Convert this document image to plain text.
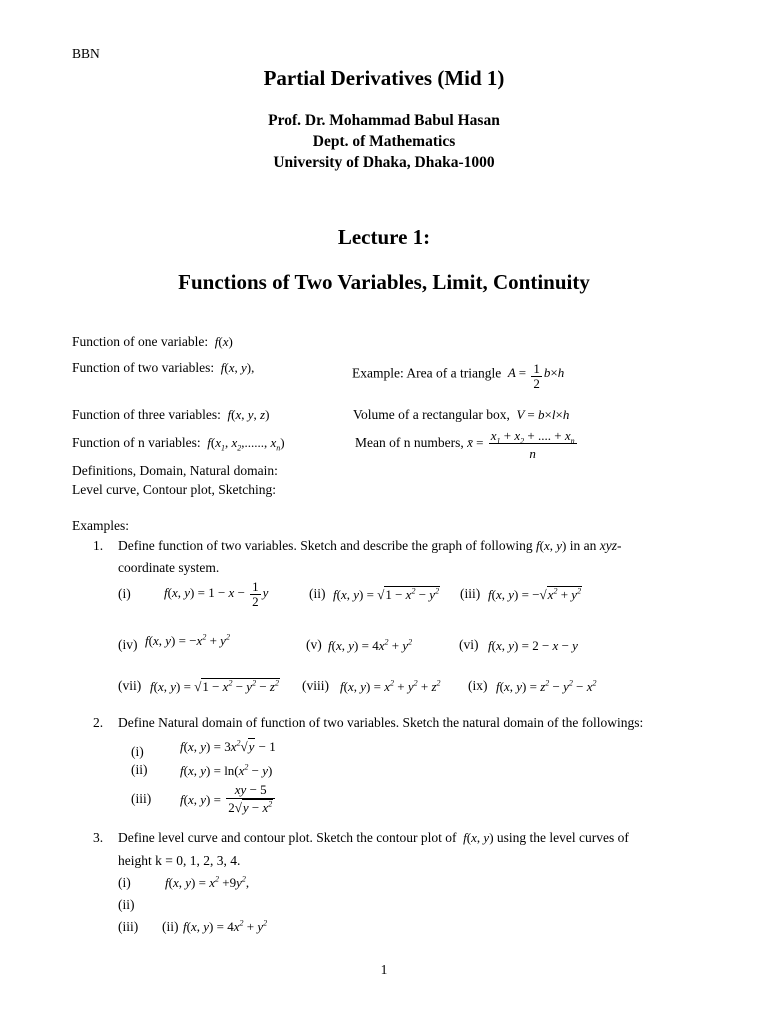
BBN
Partial Derivatives (Mid 1)
Prof. Dr. Mohammad Babul Hasan
Dept. of Mathematics
University of Dhaka, Dhaka-1000
Lecture 1:
Functions of Two Variables, Limit, Continuity
Function of one variable:  f(x)
Function of two variables:  f(x, y),	Example: Area of a triangle  $A = \frac{1}{2} b\times h$
Function of three variables:  f(x, y, z)	Volume of a rectangular box,  V = b×l×h
Function of n variables:  $f(x_1$, $x_2$,......, $x_n$)	Mean of n numbers, x̄ = $\frac{x_1 + x_2 + .... + x_n}{n}$
Definitions, Domain, Natural domain:
Level curve, Contour plot, Sketching:
Examples:
1. Define function of two variables. Sketch and describe the graph of following f(x, y) in an xyz-
coordinate system.
(i)	f(x, $y) = 1 - x - \frac{1}{2}$ y	(ii) f(x, $y) = √1 - x^2 - y^2$ (iii) f(x, $y) = -√x^2 + y^2$
(iv) f(x, $y) = -x^2 + y^2$	(v) f(x, $y) = 4x^2 + y^2$	(vi) f(x, y) = 2 − x − y
(vii) f(x, $y) = √1 - x^2 - y^2 - z^2$ (viii) f(x, $y) = x^2 + y^2 + z^2$ (ix) f(x, $y) = z^2 - y^2 - x^2$
2. Define Natural domain of function of two variables. Sketch the natural domain of the followings:
(i)	f(x, $y) = 3x^2√y - 1$
(ii)	f(x, $y) = \ln(x^2 - y)$
(iii) f(x, $y) = \frac{xy - 5}{2√y - x^2}$
3. Define level curve and contour plot. Sketch the contour plot of  f(x, y) using the level curves of
height k = 0, 1, 2, 3, 4.
(i)	f(x, $y) = x^2 +9y^2$,
(ii)
(iii) (ii) f(x, $y) = 4x^2 + y^2$
1
